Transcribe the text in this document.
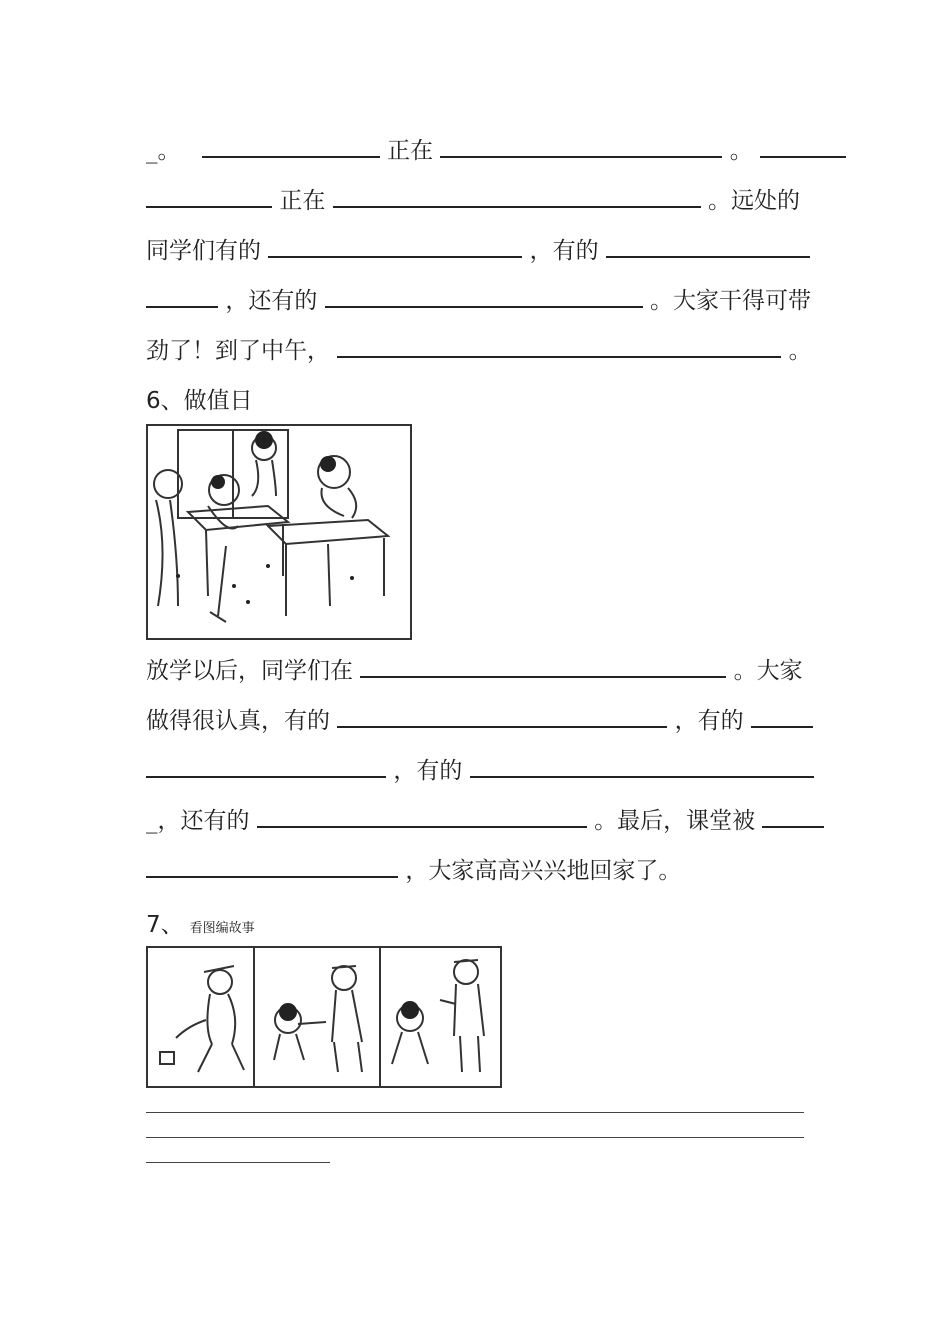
_。	正在	。
正在	。远处的
同学们有的	，有的
，还有的	。大家干得可带
劲了！到了中午，	。
6、做值日
放学以后，同学们在	。大家
做得很认真，有的	，有的
，有的
_，还有的	。最后，课堂被
，大家高高兴兴地回家了。
7、 看图编故事
